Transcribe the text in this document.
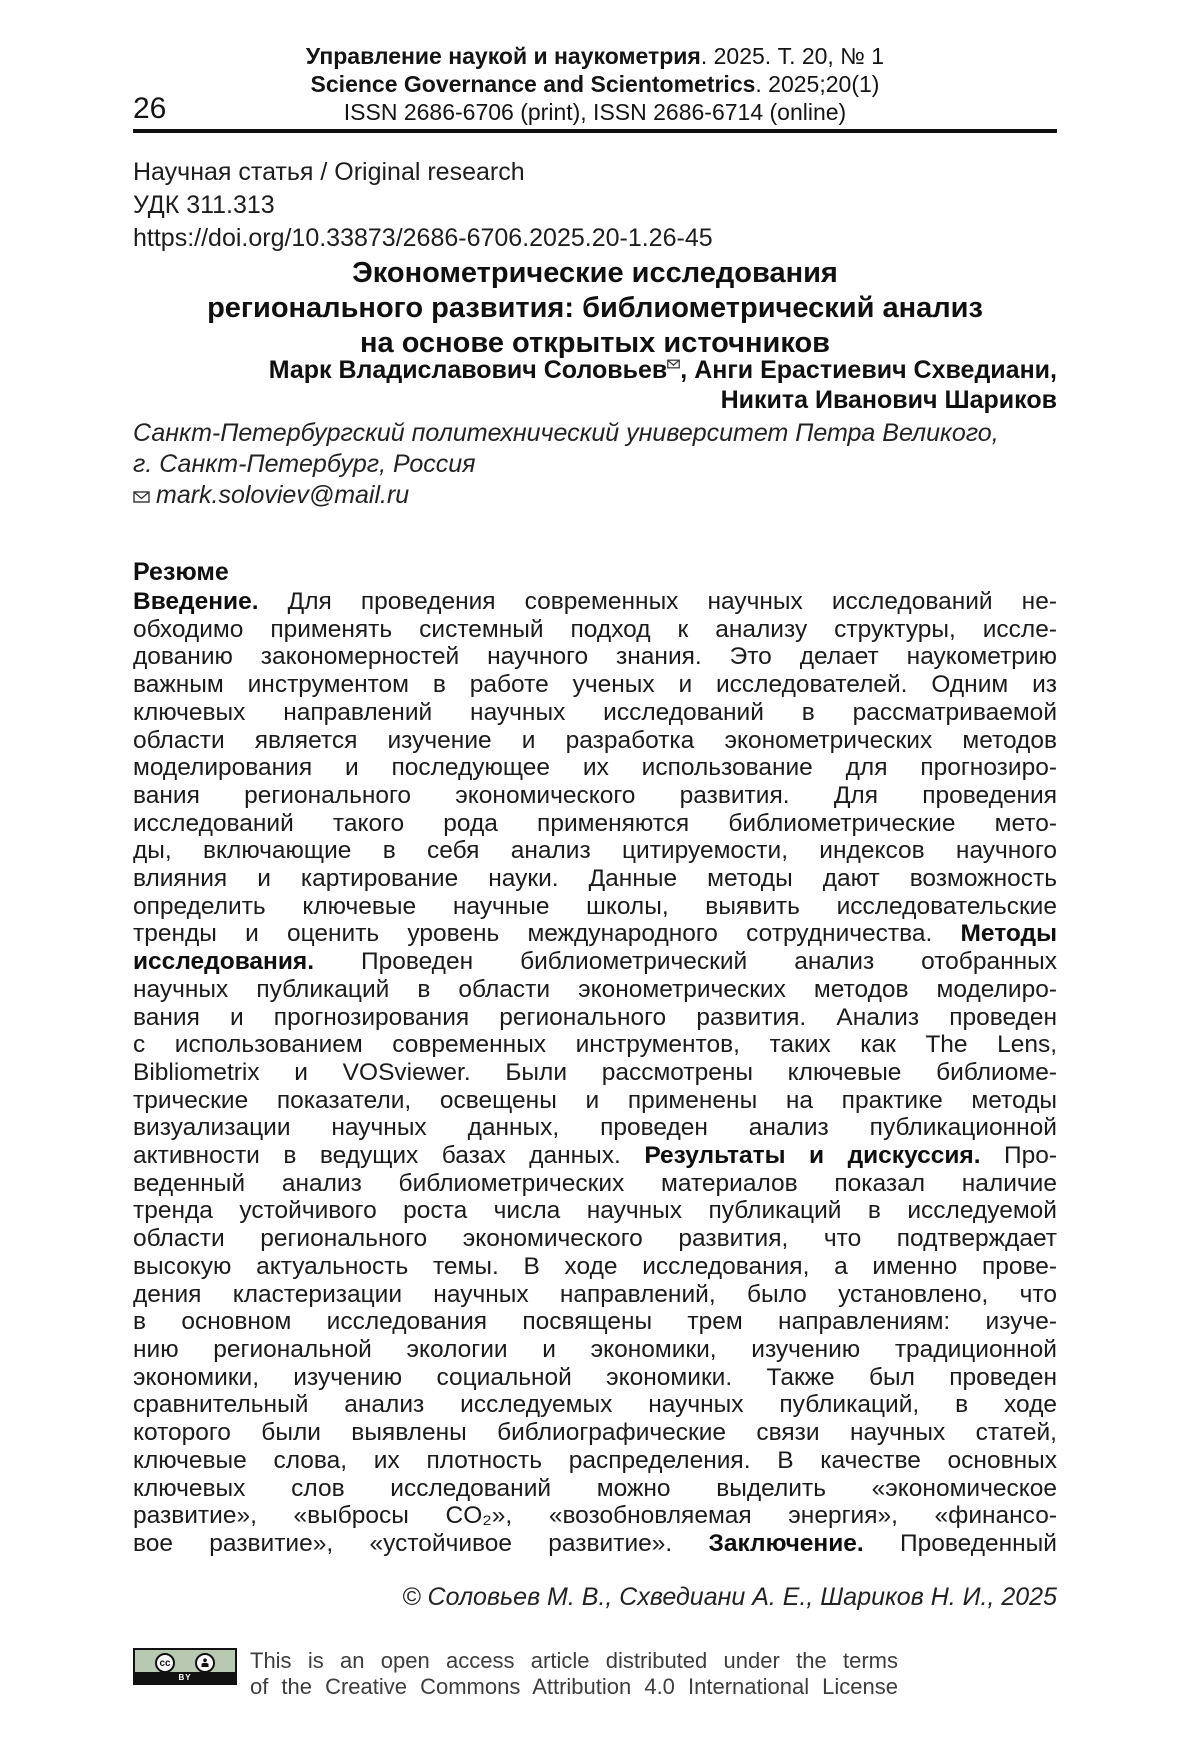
Управление наукой и наукометрия. 2025. Т. 20, № 1
Science Governance and Scientometrics. 2025;20(1)
ISSN 2686-6706 (print), ISSN 2686-6714 (online)
26
Научная статья / Original research
УДК 311.313
https://doi.org/10.33873/2686-6706.2025.20-1.26-45
Эконометрические исследования
регионального развития: библиометрический анализ
на основе открытых источников
Марк Владиславович Соловьев , Анги Ерастиевич Схведиани,
Никита Иванович Шариков
Санкт-Петербургский политехнический университет Петра Великого,
г. Санкт-Петербург, Россия
mark.soloviev@mail.ru
Резюме
Введение. Для проведения современных научных исследований не-
обходимо применять системный подход к анализу структуры, иссле-
дованию закономерностей научного знания. Это делает наукометрию
важным инструментом в работе ученых и исследователей. Одним из
ключевых направлений научных исследований в рассматриваемой
области является изучение и разработка эконометрических методов
моделирования и последующее их использование для прогнозиро-
вания регионального экономического развития. Для проведения
исследований такого рода применяются библиометрические мето-
ды, включающие в себя анализ цитируемости, индексов научного
влияния и картирование науки. Данные методы дают возможность
определить ключевые научные школы, выявить исследовательские
тренды и оценить уровень международного сотрудничества. Методы
исследования. Проведен библиометрический анализ отобранных
научных публикаций в области эконометрических методов моделиро-
вания и прогнозирования регионального развития. Анализ проведен
с использованием современных инструментов, таких как The Lens,
Bibliometrix и VOSviewer. Были рассмотрены ключевые библиоме-
трические показатели, освещены и применены на практике методы
визуализации научных данных, проведен анализ публикационной
активности в ведущих базах данных. Результаты и дискуссия. Про-
веденный анализ библиометрических материалов показал наличие
тренда устойчивого роста числа научных публикаций в исследуемой
области регионального экономического развития, что подтверждает
высокую актуальность темы. В ходе исследования, а именно прове-
дения кластеризации научных направлений, было установлено, что
в основном исследования посвящены трем направлениям: изуче-
нию региональной экологии и экономики, изучению традиционной
экономики, изучению социальной экономики. Также был проведен
сравнительный анализ исследуемых научных публикаций, в ходе
которого были выявлены библиографические связи научных статей,
ключевые слова, их плотность распределения. В качестве основных
ключевых слов исследований можно выделить «экономическое
развитие», «выбросы CO₂», «возобновляемая энергия», «финансо-
вое развитие», «устойчивое развитие». Заключение. Проведенный
© Соловьев М. В., Схведиани А. Е., Шариков Н. И., 2025
cc
BY
This is an open access article distributed under the terms
of the Creative Commons Attribution 4.0 International License
